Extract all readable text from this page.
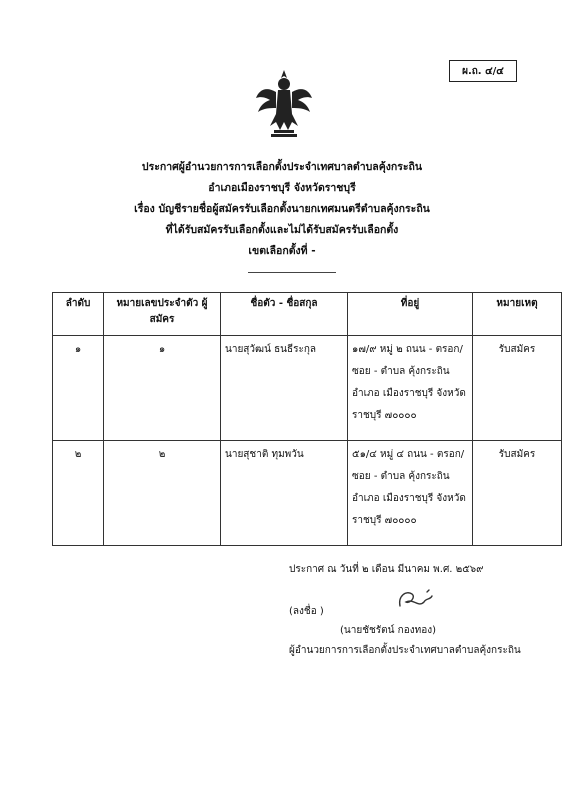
ผ.ถ. ๔/๔
ประกาศผู้อำนวยการการเลือกตั้งประจำเทศบาลตำบลคุ้งกระถิน
อำเภอเมืองราชบุรี จังหวัดราชบุรี
เรื่อง บัญชีรายชื่อผู้สมัครรับเลือกตั้งนายกเทศมนตรีตำบลคุ้งกระถิน
ที่ได้รับสมัครรับเลือกตั้งและไม่ได้รับสมัครรับเลือกตั้ง
เขตเลือกตั้งที่ -
ลำดับ	หมายเลขประจำตัว ผู้สมัคร	ชื่อตัว - ชื่อสกุล	ที่อยู่	หมายเหตุ
๑	๑	นายสุวัฒน์ ธนธีระกุล	๑๗/๙ หมู่ ๒ ถนน - ตรอก/ซอย - ตำบล คุ้งกระถิน อำเภอ เมืองราชบุรี จังหวัด ราชบุรี ๗๐๐๐๐	รับสมัคร
๒	๒	นายสุชาติ ทุมพวัน	๕๑/๔ หมู่ ๔ ถนน - ตรอก/ซอย - ตำบล คุ้งกระถิน อำเภอ เมืองราชบุรี จังหวัด ราชบุรี ๗๐๐๐๐	รับสมัคร
ประกาศ ณ วันที่ ๒ เดือน มีนาคม พ.ศ. ๒๕๖๙
(ลงชื่อ )
(นายชัชรัตน์ กองทอง)
ผู้อำนวยการการเลือกตั้งประจำเทศบาลตำบลคุ้งกระถิน
